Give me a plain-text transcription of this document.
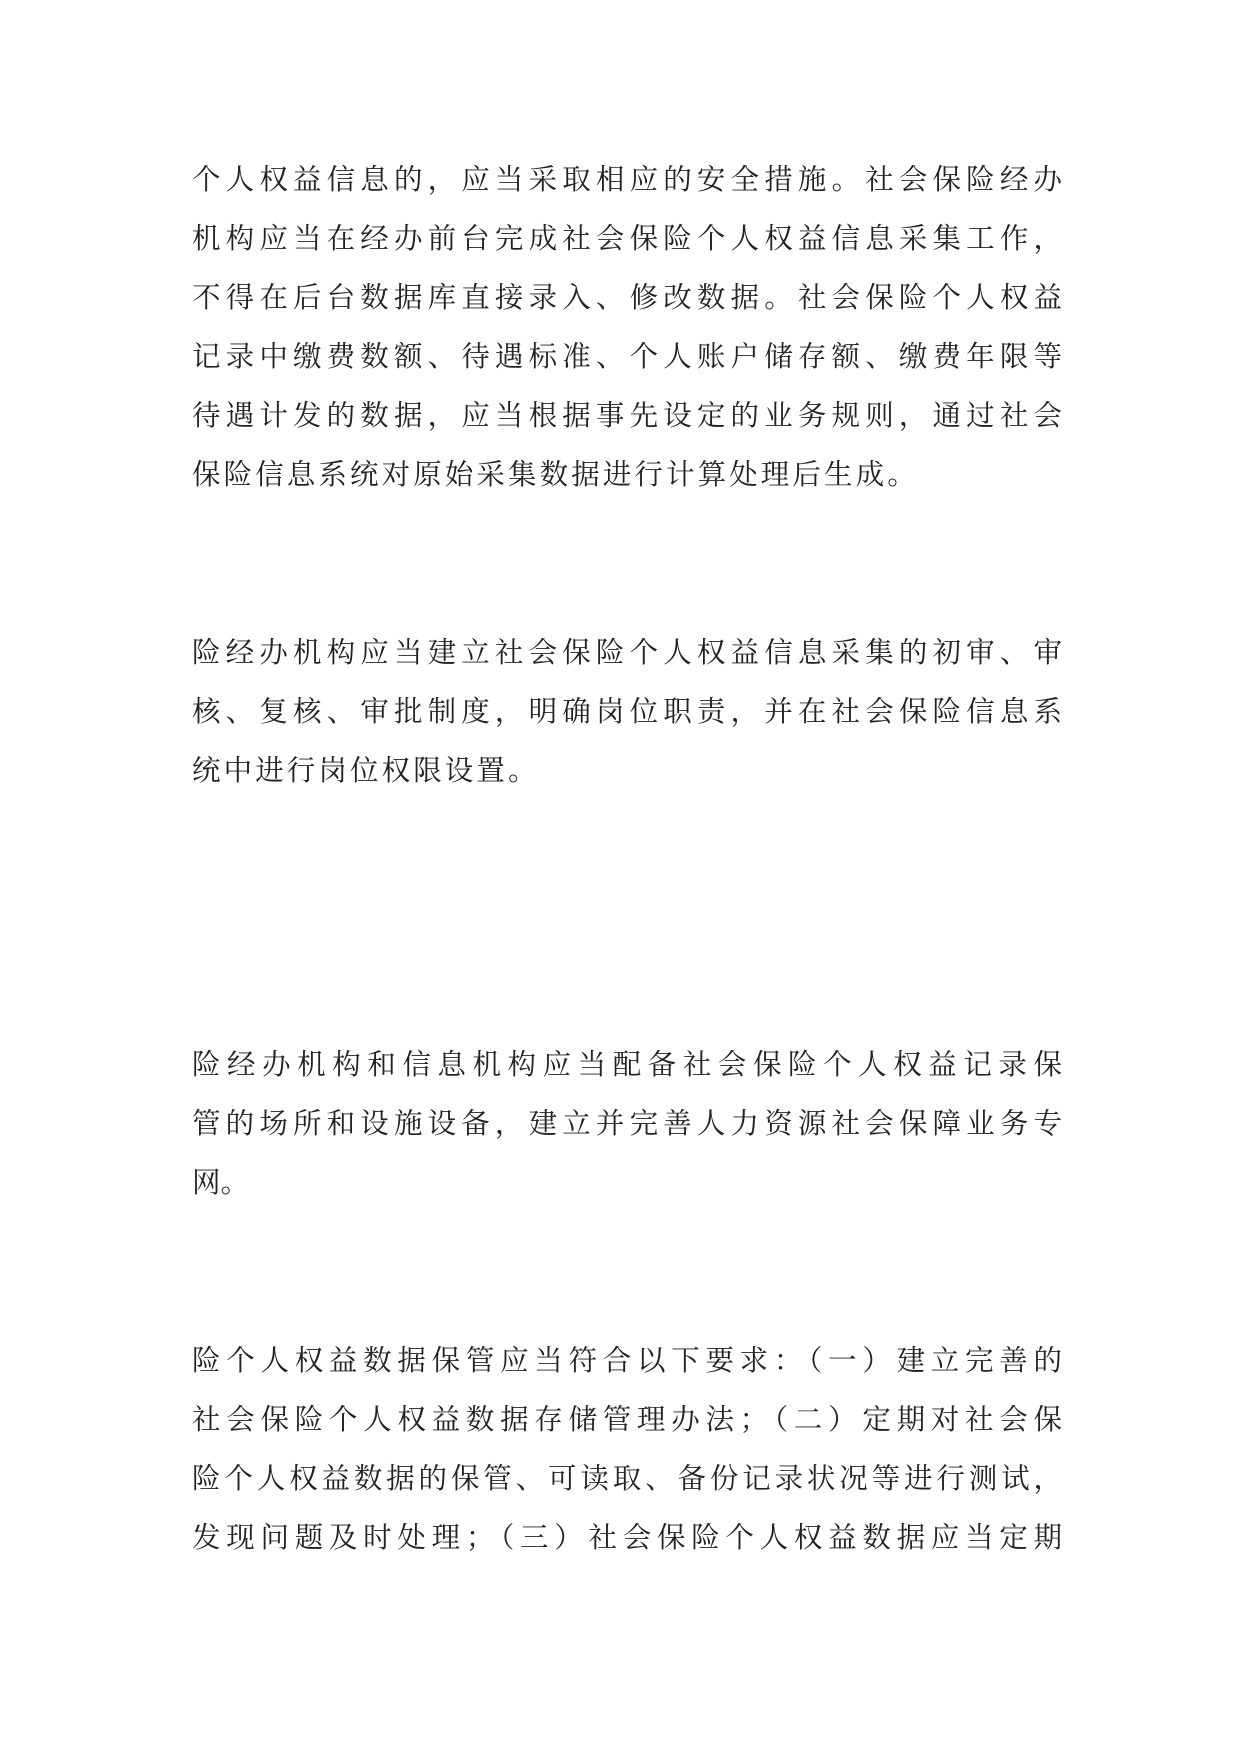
个人权益信息的，应当采取相应的安全措施。社会保险经办
机构应当在经办前台完成社会保险个人权益信息采集工作，
不得在后台数据库直接录入、修改数据。社会保险个人权益
记录中缴费数额、待遇标准、个人账户储存额、缴费年限等
待遇计发的数据，应当根据事先设定的业务规则，通过社会
保险信息系统对原始采集数据进行计算处理后生成。

险经办机构应当建立社会保险个人权益信息采集的初审、审
核、复核、审批制度，明确岗位职责，并在社会保险信息系
统中进行岗位权限设置。

险经办机构和信息机构应当配备社会保险个人权益记录保
管的场所和设施设备，建立并完善人力资源社会保障业务专
网。

险个人权益数据保管应当符合以下要求：（一）建立完善的
社会保险个人权益数据存储管理办法；（二）定期对社会保
险个人权益数据的保管、可读取、备份记录状况等进行测试，
发现问题及时处理；（三）社会保险个人权益数据应当定期
